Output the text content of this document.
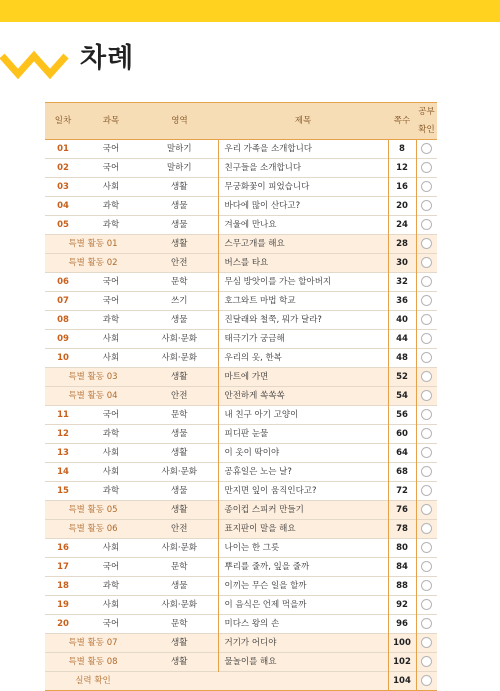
차례
일차	과목	영역	제목	쪽수	공부
확인

01	국어	말하기	우리 가족을 소개합니다	8	
02	국어	말하기	친구들을 소개합니다	12	
03	사회	생활	무궁화꽃이 피었습니다	16	
04	과학	생물	바다에 많이 산다고?	20	
05	과학	생물	겨울에 만나요	24	
특별 활동 01		생활	스무고개를 해요	28	
특별 활동 02		안전	버스를 타요	30	
06	국어	문학	무심 방앗이를 가는 할아버지	32	
07	국어	쓰기	호그와트 마법 학교	36	
08	과학	생물	진달래와 철쭉, 뭐가 달라?	40	
09	사회	사회·문화	태극기가 궁금해	44	
10	사회	사회·문화	우리의 옷, 한복	48	
특별 활동 03		생활	마트에 가면	52	
특별 활동 04		안전	안전하게 쏙쏙쏙	54	
11	국어	문학	내 친구 아기 고양이	56	
12	과학	생물	피디판 눈물	60	
13	사회	생활	이 옷이 딱이야	64	
14	사회	사회·문화	공휴일은 노는 날?	68	
15	과학	생물	만지면 잎이 움직인다고?	72	
특별 활동 05		생활	종이컵 스피커 만들기	76	
특별 활동 06		안전	표지판이 말을 해요	78	
16	사회	사회·문화	나이는 한 그릇	80	
17	국어	문학	뿌리를 줄까, 잎을 줄까	84	
18	과학	생물	이끼는 무슨 일을 할까	88	
19	사회	사회·문화	이 음식은 언제 먹을까	92	
20	국어	문학	미다스 왕의 손	96	
특별 활동 07		생활	거기가 어디야	100	
특별 활동 08		생활	물놀이를 해요	102	
실력 확인				104	
